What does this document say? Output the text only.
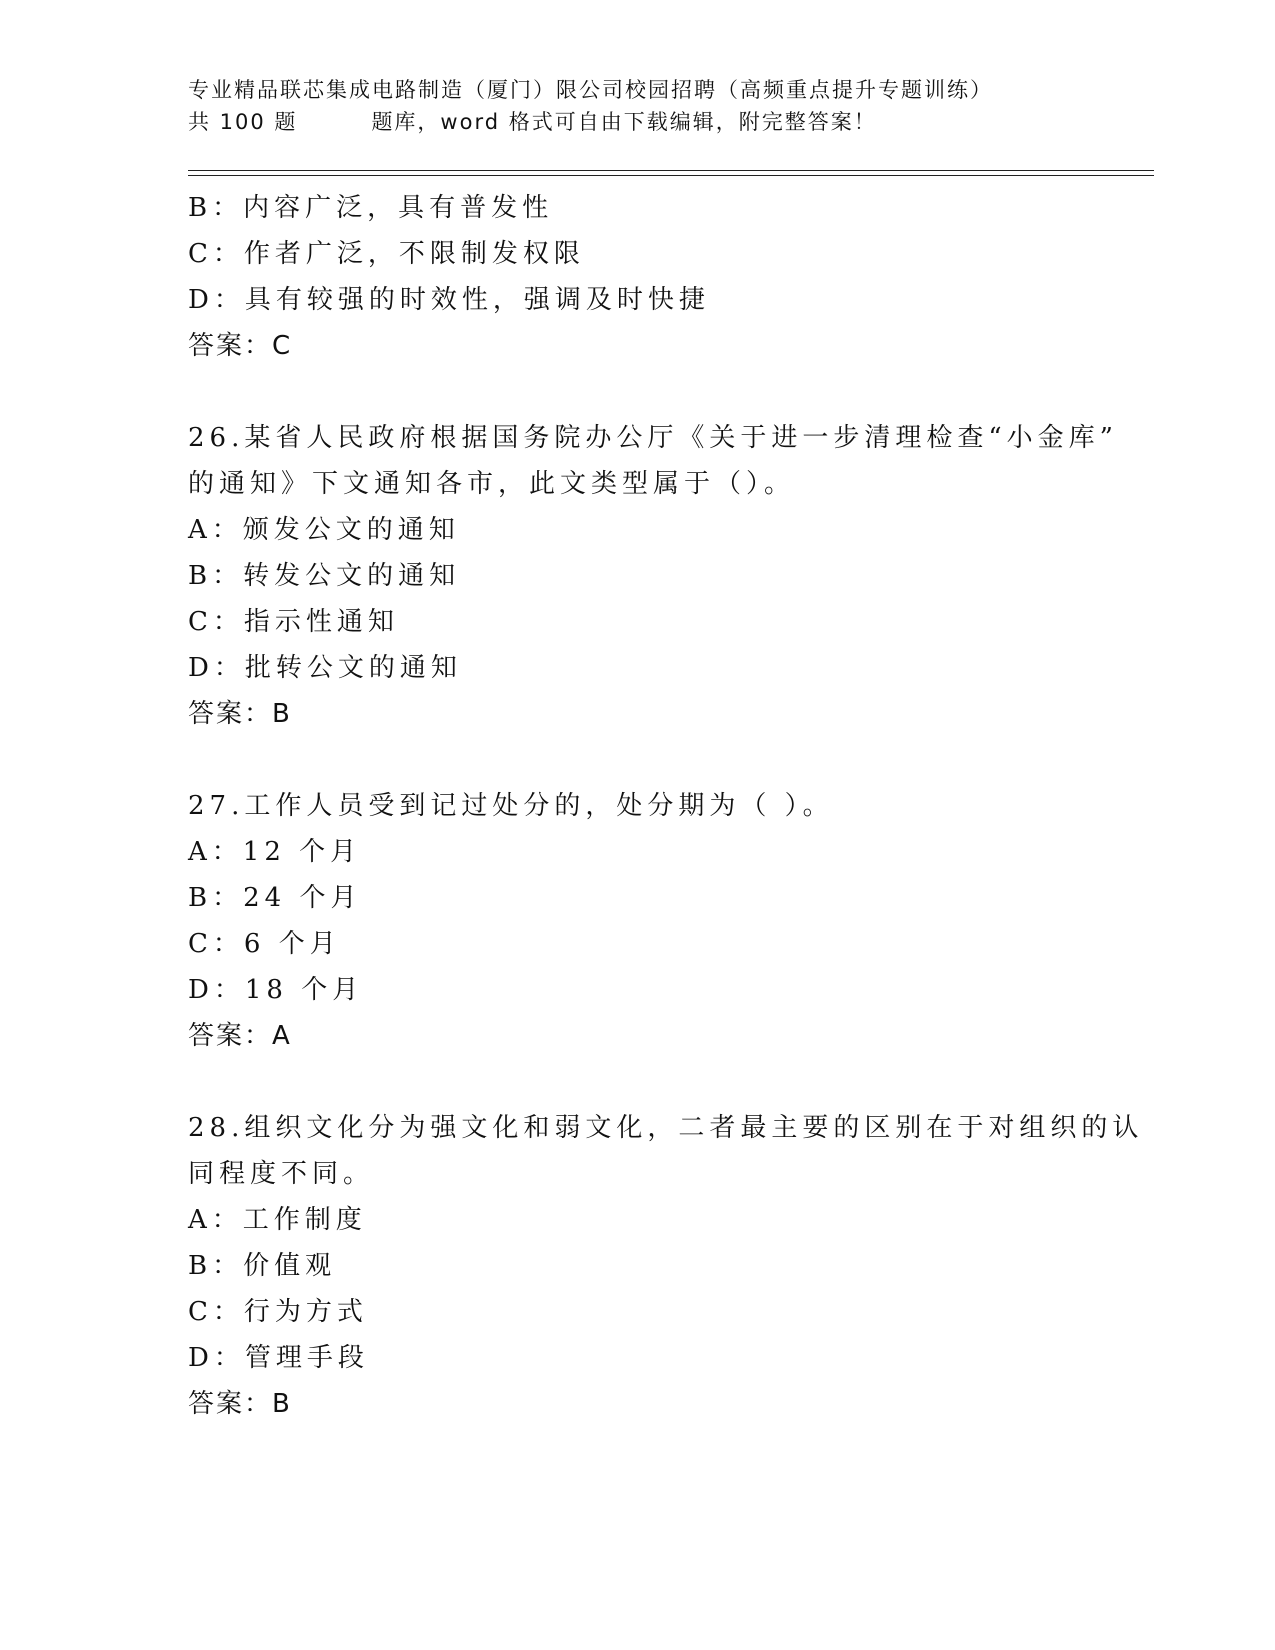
专业精品联芯集成电路制造（厦门）限公司校园招聘（高频重点提升专题训练）
共 100 题	题库，word 格式可自由下载编辑，附完整答案！
B：内容广泛，具有普发性
C：作者广泛，不限制发权限
D：具有较强的时效性，强调及时快捷
答案：C
26.某省人民政府根据国务院办公厅《关于进一步清理检查“小金库”
的通知》下文通知各市，此文类型属于（）。
A：颁发公文的通知
B：转发公文的通知
C：指示性通知
D：批转公文的通知
答案：B
27.工作人员受到记过处分的，处分期为（ ）。
A：12 个月
B：24 个月
C：6 个月
D：18 个月
答案：A
28.组织文化分为强文化和弱文化，二者最主要的区别在于对组织的认
同程度不同。
A：工作制度
B：价值观
C：行为方式
D：管理手段
答案：B
